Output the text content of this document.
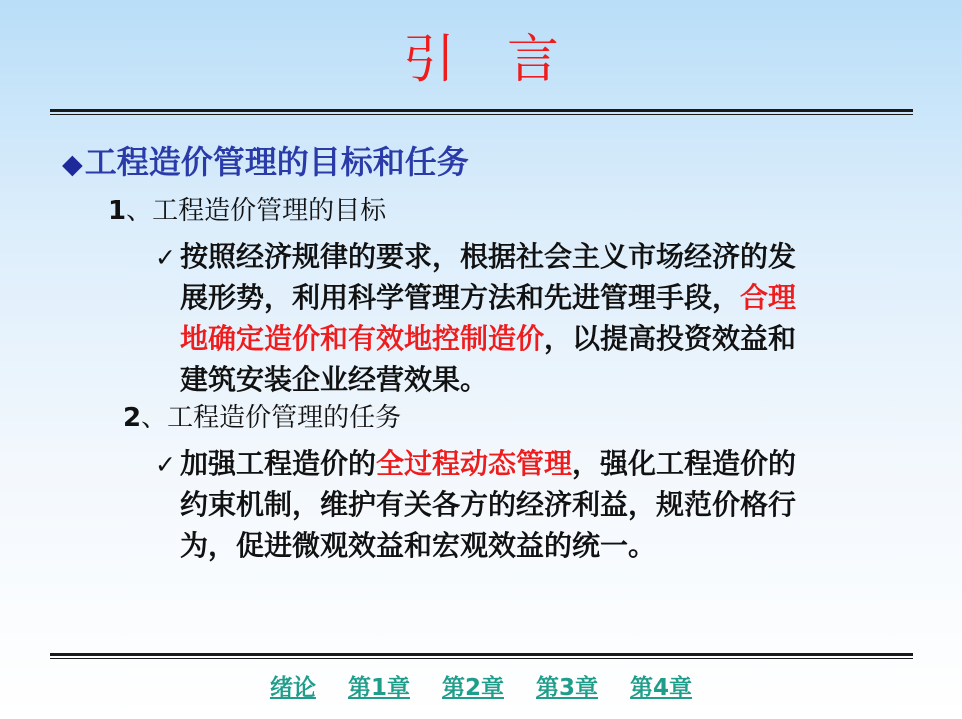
引言
◆工程造价管理的目标和任务
1、工程造价管理的目标
✓ 按照经济规律的要求，根据社会主义市场经济的发
展形势，利用科学管理方法和先进管理手段，合理
地确定造价和有效地控制造价，以提高投资效益和
建筑安装企业经营效果。
2、工程造价管理的任务
✓ 加强工程造价的全过程动态管理，强化工程造价的
约束机制，维护有关各方的经济利益，规范价格行
为，促进微观效益和宏观效益的统一。
绪论 第1章 第2章 第3章 第4章
